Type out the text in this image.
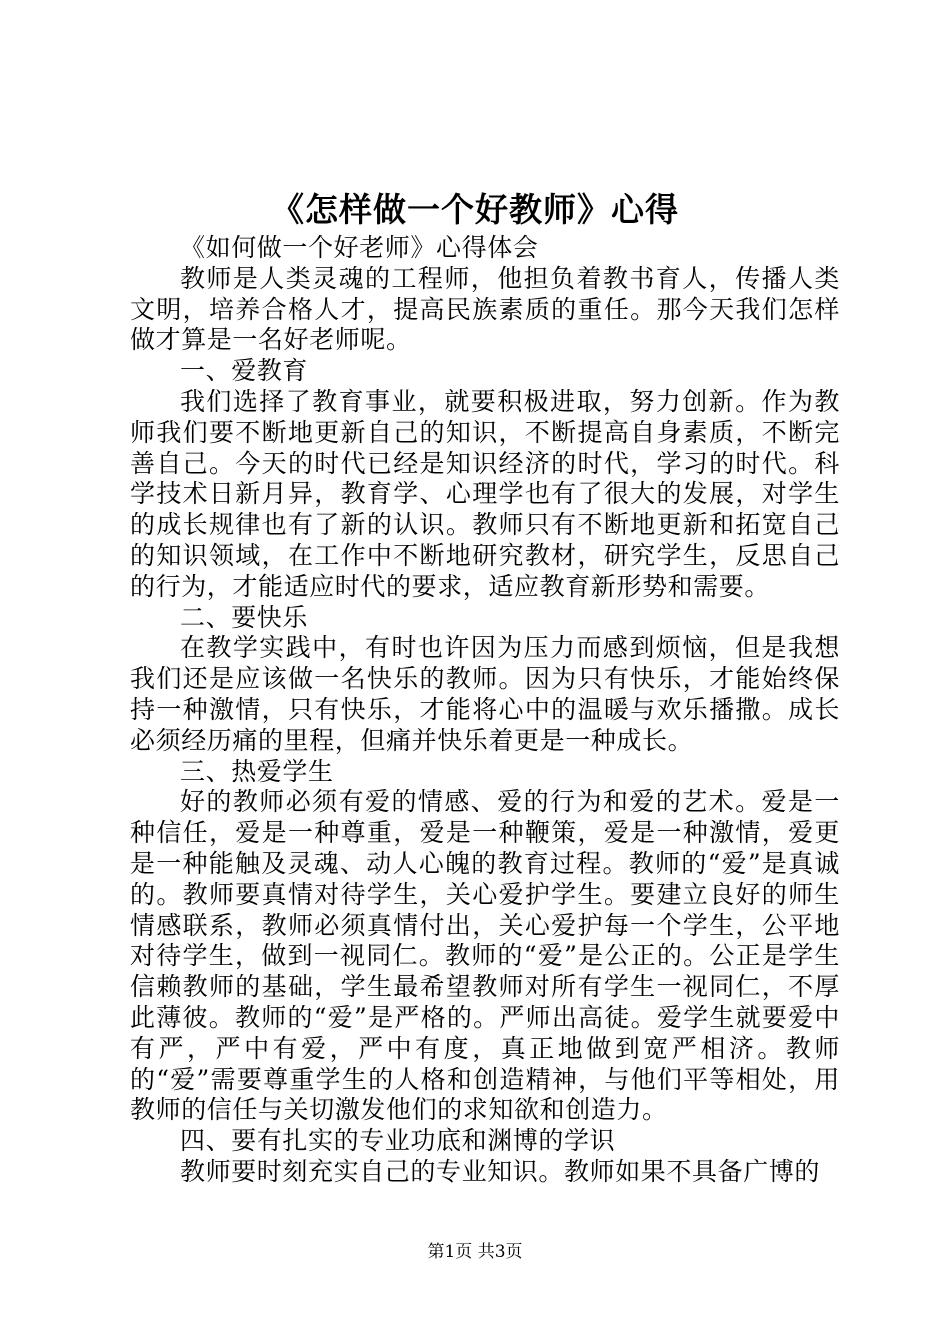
《怎样做一个好教师》心得

《如何做一个好老师》心得体会

教师是人类灵魂的工程师，他担负着教书育人，传播人类文明，培养合格人才，提高民族素质的重任。那今天我们怎样做才算是一名好老师呢。

一、爱教育

我们选择了教育事业，就要积极进取，努力创新。作为教师我们要不断地更新自己的知识，不断提高自身素质，不断完善自己。今天的时代已经是知识经济的时代，学习的时代。科学技术日新月异，教育学、心理学也有了很大的发展，对学生的成长规律也有了新的认识。教师只有不断地更新和拓宽自己的知识领域，在工作中不断地研究教材，研究学生，反思自己的行为，才能适应时代的要求，适应教育新形势和需要。

二、要快乐

在教学实践中，有时也许因为压力而感到烦恼，但是我想我们还是应该做一名快乐的教师。因为只有快乐，才能始终保持一种激情，只有快乐，才能将心中的温暖与欢乐播撒。成长必须经历痛的里程，但痛并快乐着更是一种成长。

三、热爱学生

好的教师必须有爱的情感、爱的行为和爱的艺术。爱是一种信任，爱是一种尊重，爱是一种鞭策，爱是一种激情，爱更是一种能触及灵魂、动人心魄的教育过程。教师的“爱”是真诚的。教师要真情对待学生，关心爱护学生。要建立良好的师生情感联系，教师必须真情付出，关心爱护每一个学生，公平地对待学生，做到一视同仁。教师的“爱”是公正的。公正是学生信赖教师的基础，学生最希望教师对所有学生一视同仁，不厚此薄彼。教师的“爱”是严格的。严师出高徒。爱学生就要爱中有严，严中有爱，严中有度，真正地做到宽严相济。教师的“爱”需要尊重学生的人格和创造精神，与他们平等相处，用教师的信任与关切激发他们的求知欲和创造力。

四、要有扎实的专业功底和渊博的学识

教师要时刻充实自己的专业知识。教师如果不具备广博的

第1页 共3页
